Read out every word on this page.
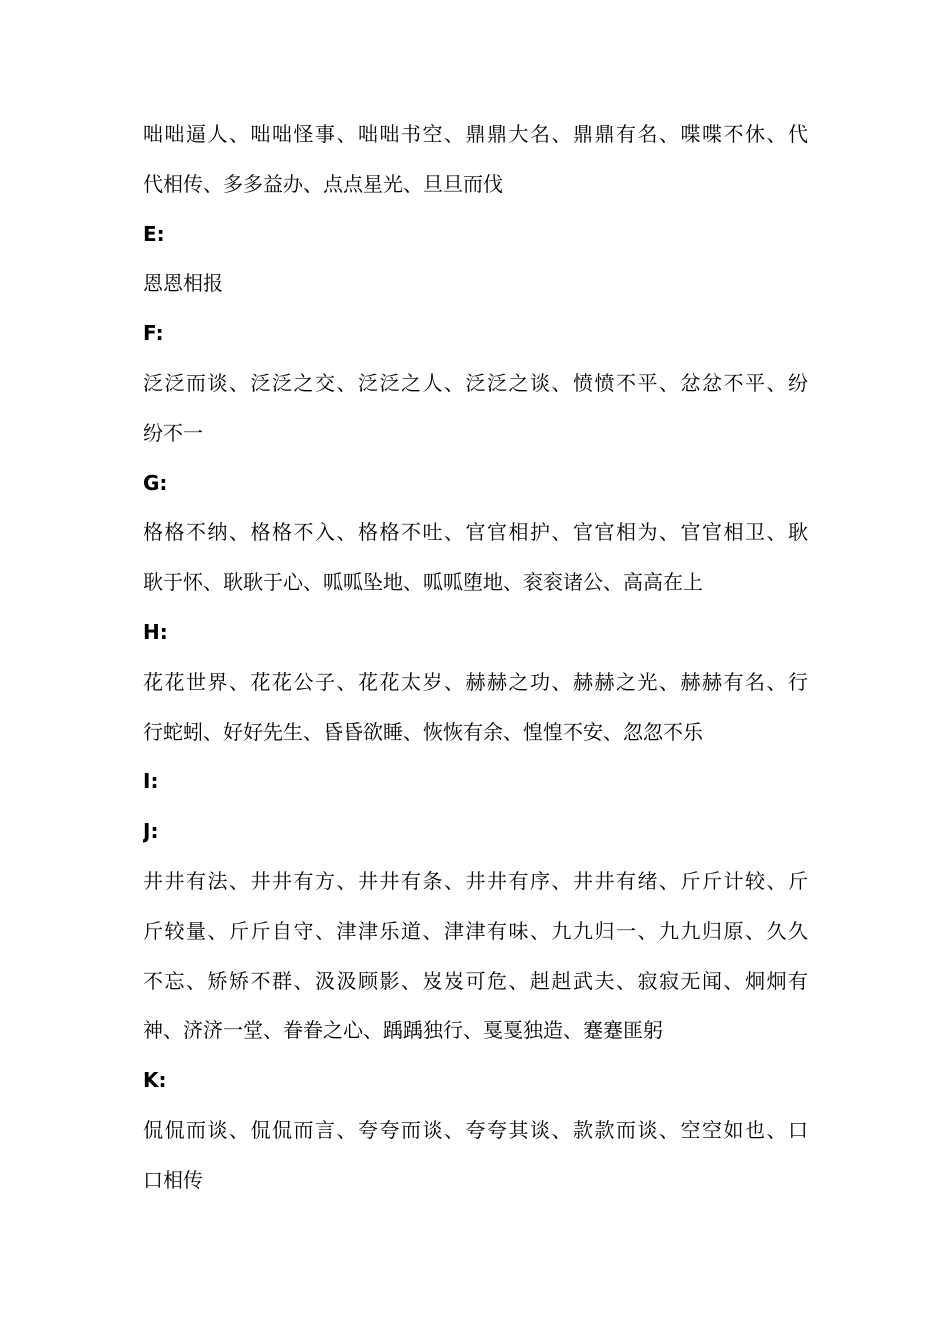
咄 咄 逼 人 、 咄 咄 怪 事 、 咄 咄 书 空 、 鼎 鼎 大 名 、 鼎 鼎 有 名 、 喋 喋 不 休 、 代
代相传、多多益办、点点星光、旦旦而伐
E:
恩恩相报
F:
泛 泛 而 谈 、 泛 泛 之 交 、 泛 泛 之 人 、 泛 泛 之 谈 、 愤 愤 不 平 、 忿 忿 不 平 、 纷
纷不一
G:
格 格 不 纳 、 格 格 不 入 、 格 格 不 吐 、 官 官 相 护 、 官 官 相 为 、 官 官 相 卫 、 耿
耿于怀、耿耿于心、呱呱坠地、呱呱堕地、衮衮诸公、高高在上
H:
花 花 世 界 、 花 花 公 子 、 花 花 太 岁 、 赫 赫 之 功 、 赫 赫 之 光 、 赫 赫 有 名 、 行
行蛇蚓、好好先生、昏昏欲睡、恢恢有余、惶惶不安、忽忽不乐
I:
J:
井 井 有 法 、 井 井 有 方 、 井 井 有 条 、 井 井 有 序 、 井 井 有 绪 、 斤 斤 计 较 、 斤
斤 较 量 、 斤 斤 自 守 、 津 津 乐 道 、 津 津 有 味 、 九 九 归 一 、 九 九 归 原 、 久 久
不 忘 、 矫 矫 不 群 、 汲 汲 顾 影 、 岌 岌 可 危 、 赳 赳 武 夫 、 寂 寂 无 闻 、 炯 炯 有
神、济济一堂、眷眷之心、踽踽独行、戛戛独造、蹇蹇匪躬
K:
侃 侃 而 谈 、 侃 侃 而 言 、 夸 夸 而 谈 、 夸 夸 其 谈 、 款 款 而 谈 、 空 空 如 也 、 口
口相传
